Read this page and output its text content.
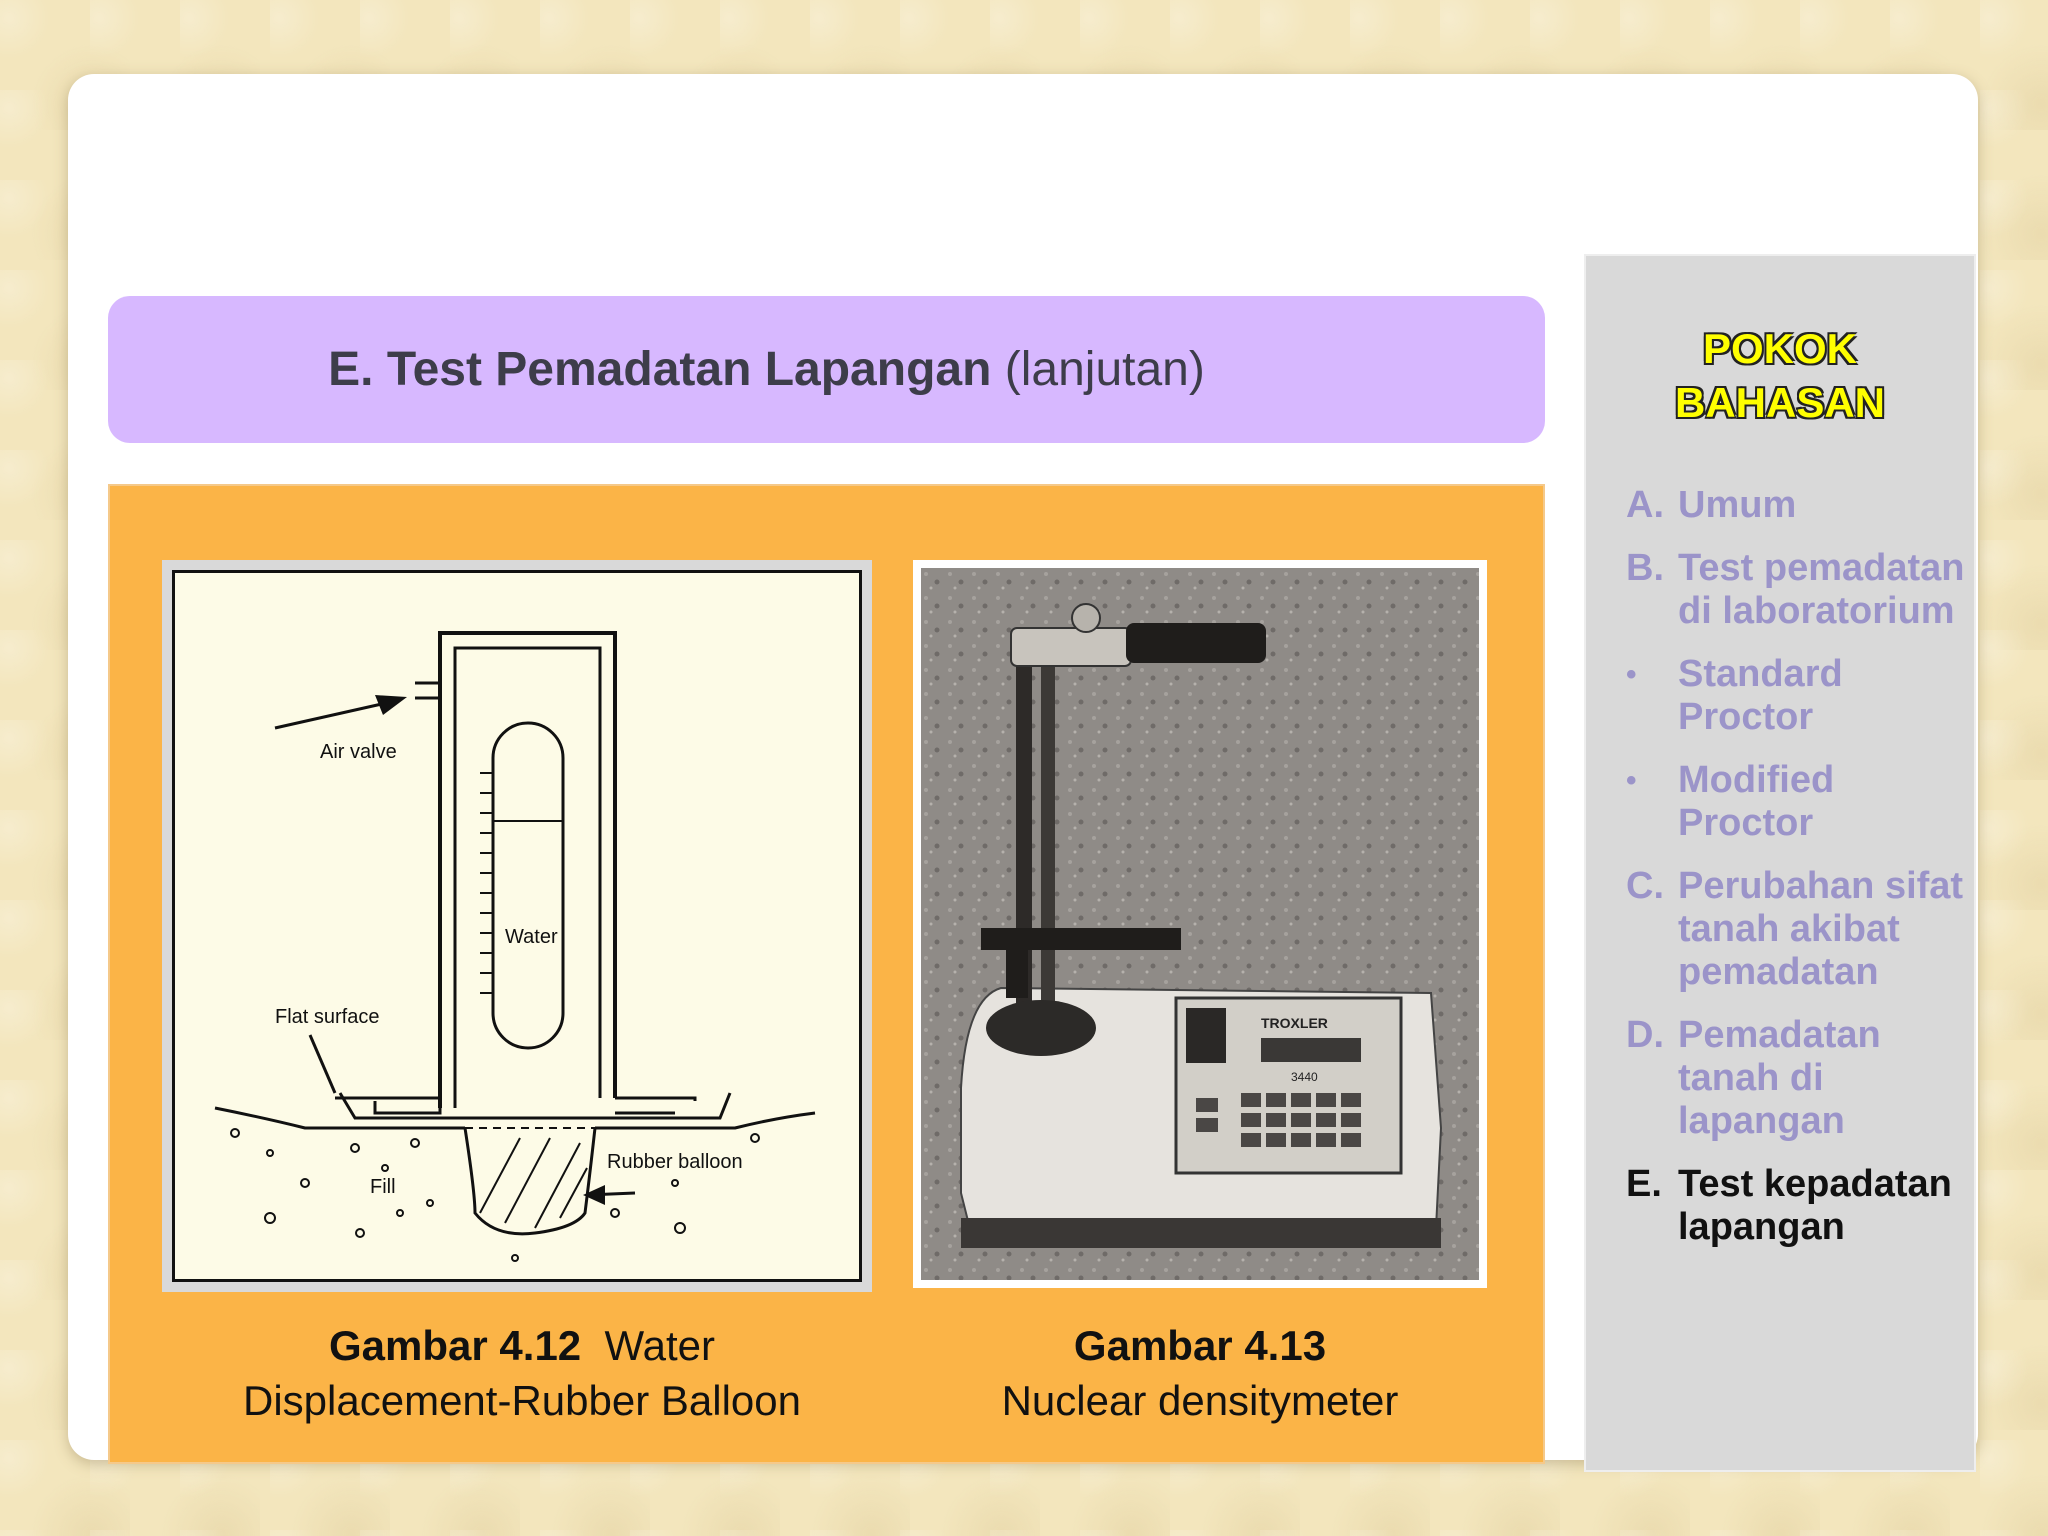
E. Test Pemadatan Lapangan
(lanjutan)
Air valve
Water
Rubber balloon
Flat surface
Fill
TROXLER
3440
Gambar 4.12 Water
Displacement-Rubber Balloon
Gambar 4.13
Nuclear densitymeter
POKOK
BAHASAN
A. Umum
B. Test pemadatan di laboratorium
•	Standard Proctor
•	Modified Proctor
C. Perubahan sifat tanah akibat pemadatan
D. Pemadatan tanah di lapangan
E. Test kepadatan lapangan
